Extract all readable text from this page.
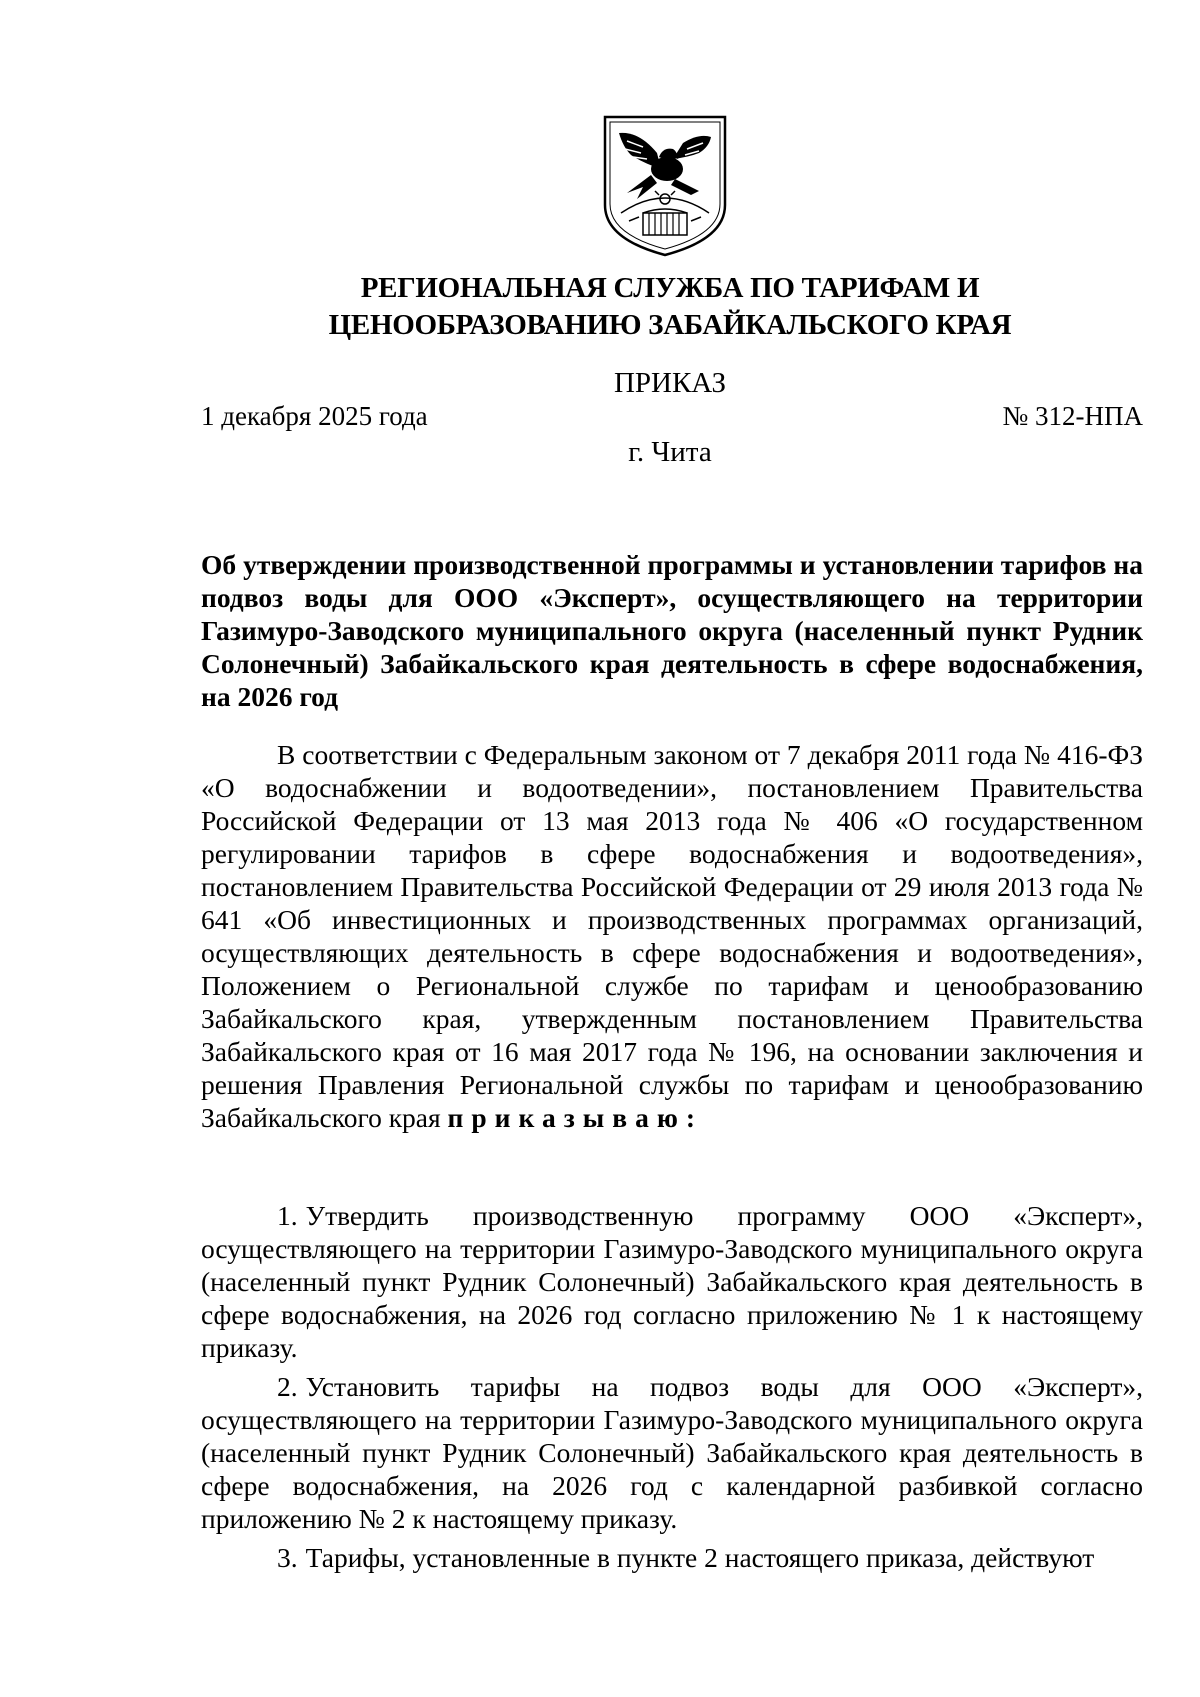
РЕГИОНАЛЬНАЯ СЛУЖБА ПО ТАРИФАМ И
ЦЕНООБРАЗОВАНИЮ ЗАБАЙКАЛЬСКОГО КРАЯ
ПРИКАЗ
1 декабря 2025 года	№ 312-НПА
г. Чита
Об утверждении производственной программы и установлении тарифов на подвоз воды для ООО «Эксперт», осуществляющего на территории Газимуро-Заводского муниципального округа (населенный пункт Рудник Солонечный) Забайкальского края деятельность в сфере водоснабжения, на 2026 год
В соответствии с Федеральным законом от 7 декабря 2011 года № 416-ФЗ «О водоснабжении и водоотведении», постановлением Правительства Российской Федерации от 13 мая 2013 года № 406 «О государственном регулировании тарифов в сфере водоснабжения и водоотведения», постановлением Правительства Российской Федерации от 29 июля 2013 года № 641 «Об инвестиционных и производственных программах организаций, осуществляющих деятельность в сфере водоснабжения и водоотведения», Положением о Региональной службе по тарифам и ценообразованию Забайкальского края, утвержденным постановлением Правительства Забайкальского края от 16 мая 2017 года № 196, на основании заключения и решения Правления Региональной службы по тарифам и ценообразованию Забайкальского края приказываю:

1. Утвердить производственную программу ООО «Эксперт», осуществляющего на территории Газимуро-Заводского муниципального округа (населенный пункт Рудник Солонечный) Забайкальского края деятельность в сфере водоснабжения, на 2026 год согласно приложению № 1 к настоящему приказу.

2. Установить тарифы на подвоз воды для ООО «Эксперт», осуществляющего на территории Газимуро-Заводского муниципального округа (населенный пункт Рудник Солонечный) Забайкальского края деятельность в сфере водоснабжения, на 2026 год с календарной разбивкой согласно приложению № 2 к настоящему приказу.

3. Тарифы, установленные в пункте 2 настоящего приказа, действуют
